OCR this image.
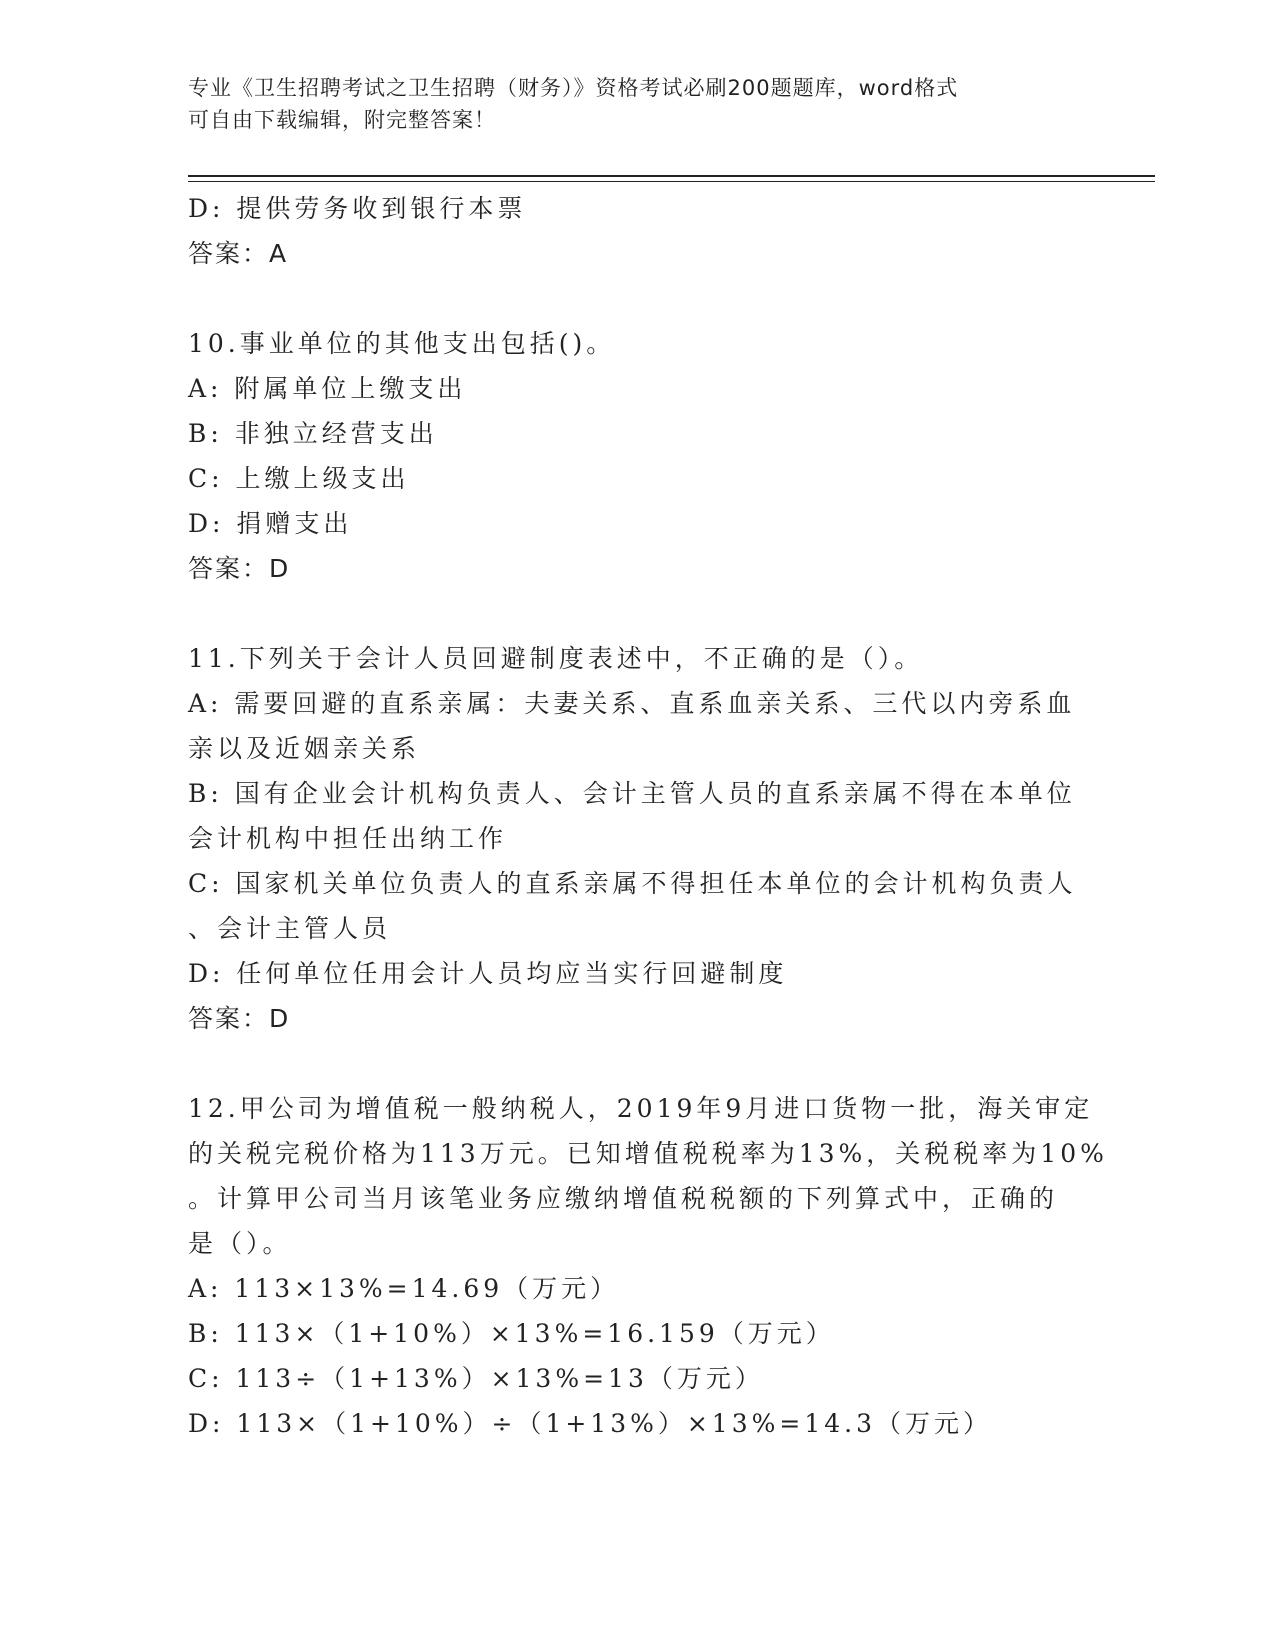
专业《卫生招聘考试之卫生招聘（财务）》资格考试必刷200题题库，word格式
可自由下载编辑，附完整答案！
D: 提供劳务收到银行本票
答案：A
10.事业单位的其他支出包括()。
A: 附属单位上缴支出
B: 非独立经营支出
C: 上缴上级支出
D: 捐赠支出
答案：D
11.下列关于会计人员回避制度表述中，不正确的是（）。
A: 需要回避的直系亲属：夫妻关系、直系血亲关系、三代以内旁系血
亲以及近姻亲关系
B: 国有企业会计机构负责人、会计主管人员的直系亲属不得在本单位
会计机构中担任出纳工作
C: 国家机关单位负责人的直系亲属不得担任本单位的会计机构负责人
、会计主管人员
D: 任何单位任用会计人员均应当实行回避制度
答案：D
12.甲公司为增值税一般纳税人，2019年9月进口货物一批，海关审定
的关税完税价格为113万元。已知增值税税率为13%，关税税率为10%
。计算甲公司当月该笔业务应缴纳增值税税额的下列算式中，正确的
是（）。
A: 113×13%=14.69（万元）
B: 113×（1+10%）×13%=16.159（万元）
C: 113÷（1+13%）×13%=13（万元）
D: 113×（1+10%）÷（1+13%）×13%=14.3（万元）
